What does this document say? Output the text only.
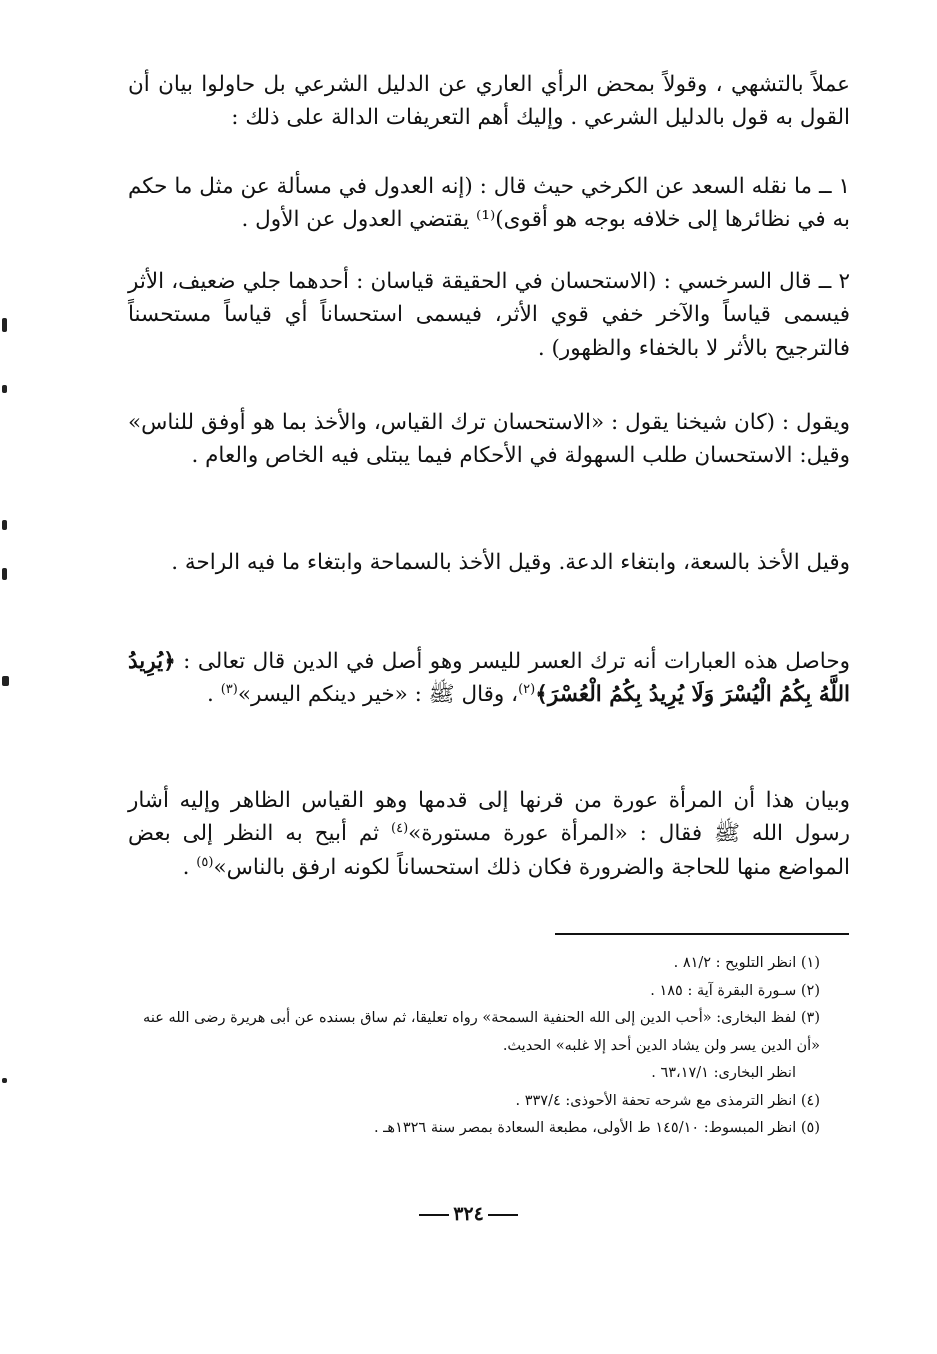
عملاً بالتشهي ، وقولاً بمحض الرأي العاري عن الدليل الشرعي بل حاولوا بيان أن القول به قول بالدليل الشرعي . وإليك أهم التعريفات الدالة على ذلك :

١ ــ ما نقله السعد عن الكرخي حيث قال : (إنه العدول في مسألة عن مثل ما حكم به في نظائرها إلى خلافه بوجه هو أقوى)⁽¹⁾ يقتضي العدول عن الأول .

٢ ــ قال السرخسي : (الاستحسان في الحقيقة قياسان : أحدهما جلي ضعيف، الأثر فيسمى قياساً والآخر خفي قوي الأثر، فيسمى استحساناً أي قياساً مستحسناً فالترجيح بالأثر لا بالخفاء والظهور) .

ويقول : (كان شيخنا يقول : «الاستحسان ترك القياس، والأخذ بما هو أوفق للناس» وقيل: الاستحسان طلب السهولة في الأحكام فيما يبتلى فيه الخاص والعام .

وقيل الأخذ بالسعة، وابتغاء الدعة. وقيل الأخذ بالسماحة وابتغاء ما فيه الراحة .

وحاصل هذه العبارات أنه ترك العسر لليسر وهو أصل في الدين قال تعالى : ﴿يُرِيدُ اللَّهُ بِكُمُ الْيُسْرَ وَلَا يُرِيدُ بِكُمُ الْعُسْرَ﴾$^{(٢)}$، وقال ﷺ : «خير دينكم اليسر»$^{(٣)}$ .

وبيان هذا أن المرأة عورة من قرنها إلى قدمها وهو القياس الظاهر وإليه أشار رسول الله ﷺ فقال : «المرأة عورة مستورة»$^{(٤)}$ ثم أبيح به النظر إلى بعض المواضع منها للحاجة والضرورة فكان ذلك استحساناً لكونه ارفق بالناس»$^{(٥)}$ .

(١) انظر التلويح : ٨١/٢ .

(٢) سـورة البقرة آية : ١٨٥ .

(٣) لفظ البخارى: «أحب الدين إلى الله الحنفية السمحة» رواه تعليقا، ثم ساق بسنده عن أبى هريرة رضى الله عنه «أن الدين يسر ولن يشاد الدين أحد إلا غلبه» الحديث.

انظر البخارى: ٦٣،١٧/١ .

(٤) انظر الترمذى مع شرحه تحفة الأحوذى: ٣٣٧/٤ .

(٥) انظر المبسوط: ١٤٥/١٠ ط الأولى، مطبعة السعادة بمصر سنة ١٣٢٦هـ .

٣٢٤
